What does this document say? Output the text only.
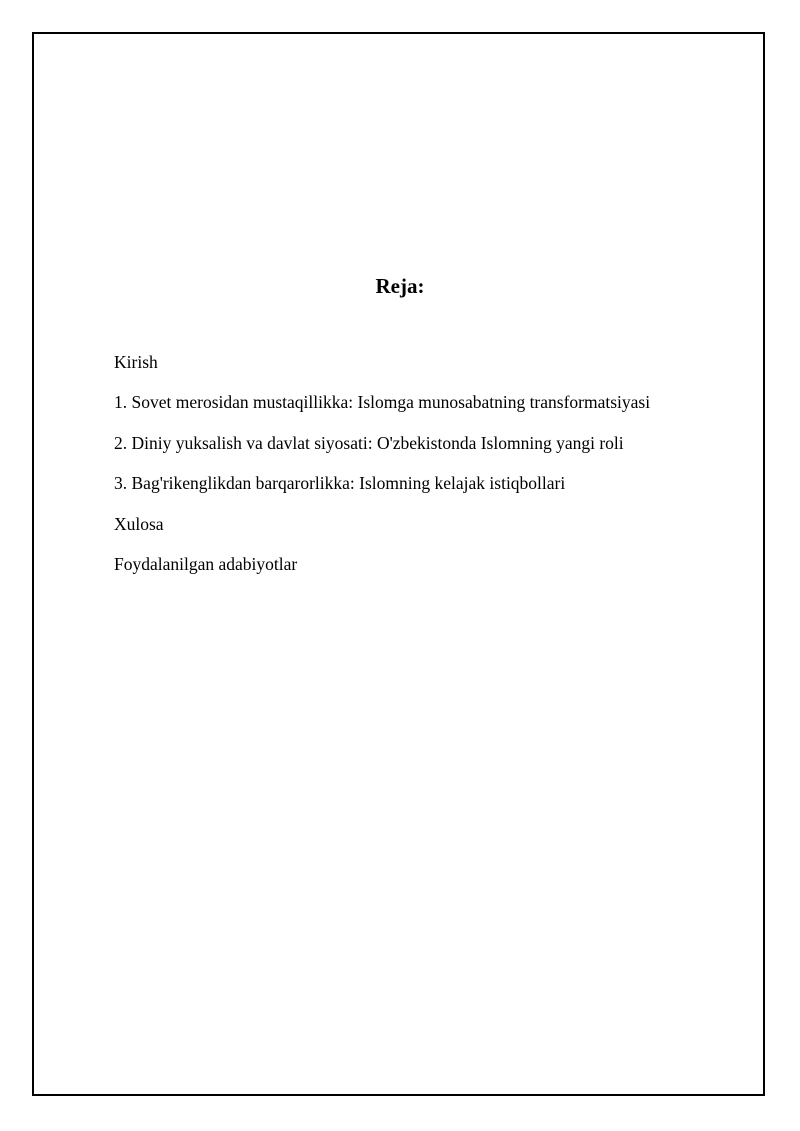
Reja:
Kirish
1. Sovet merosidan mustaqillikka: Islomga munosabatning transformatsiyasi
2. Diniy yuksalish va davlat siyosati: O'zbekistonda Islomning yangi roli
3. Bag'rikenglikdan barqarorlikka: Islomning kelajak istiqbollari
Xulosa
Foydalanilgan adabiyotlar
